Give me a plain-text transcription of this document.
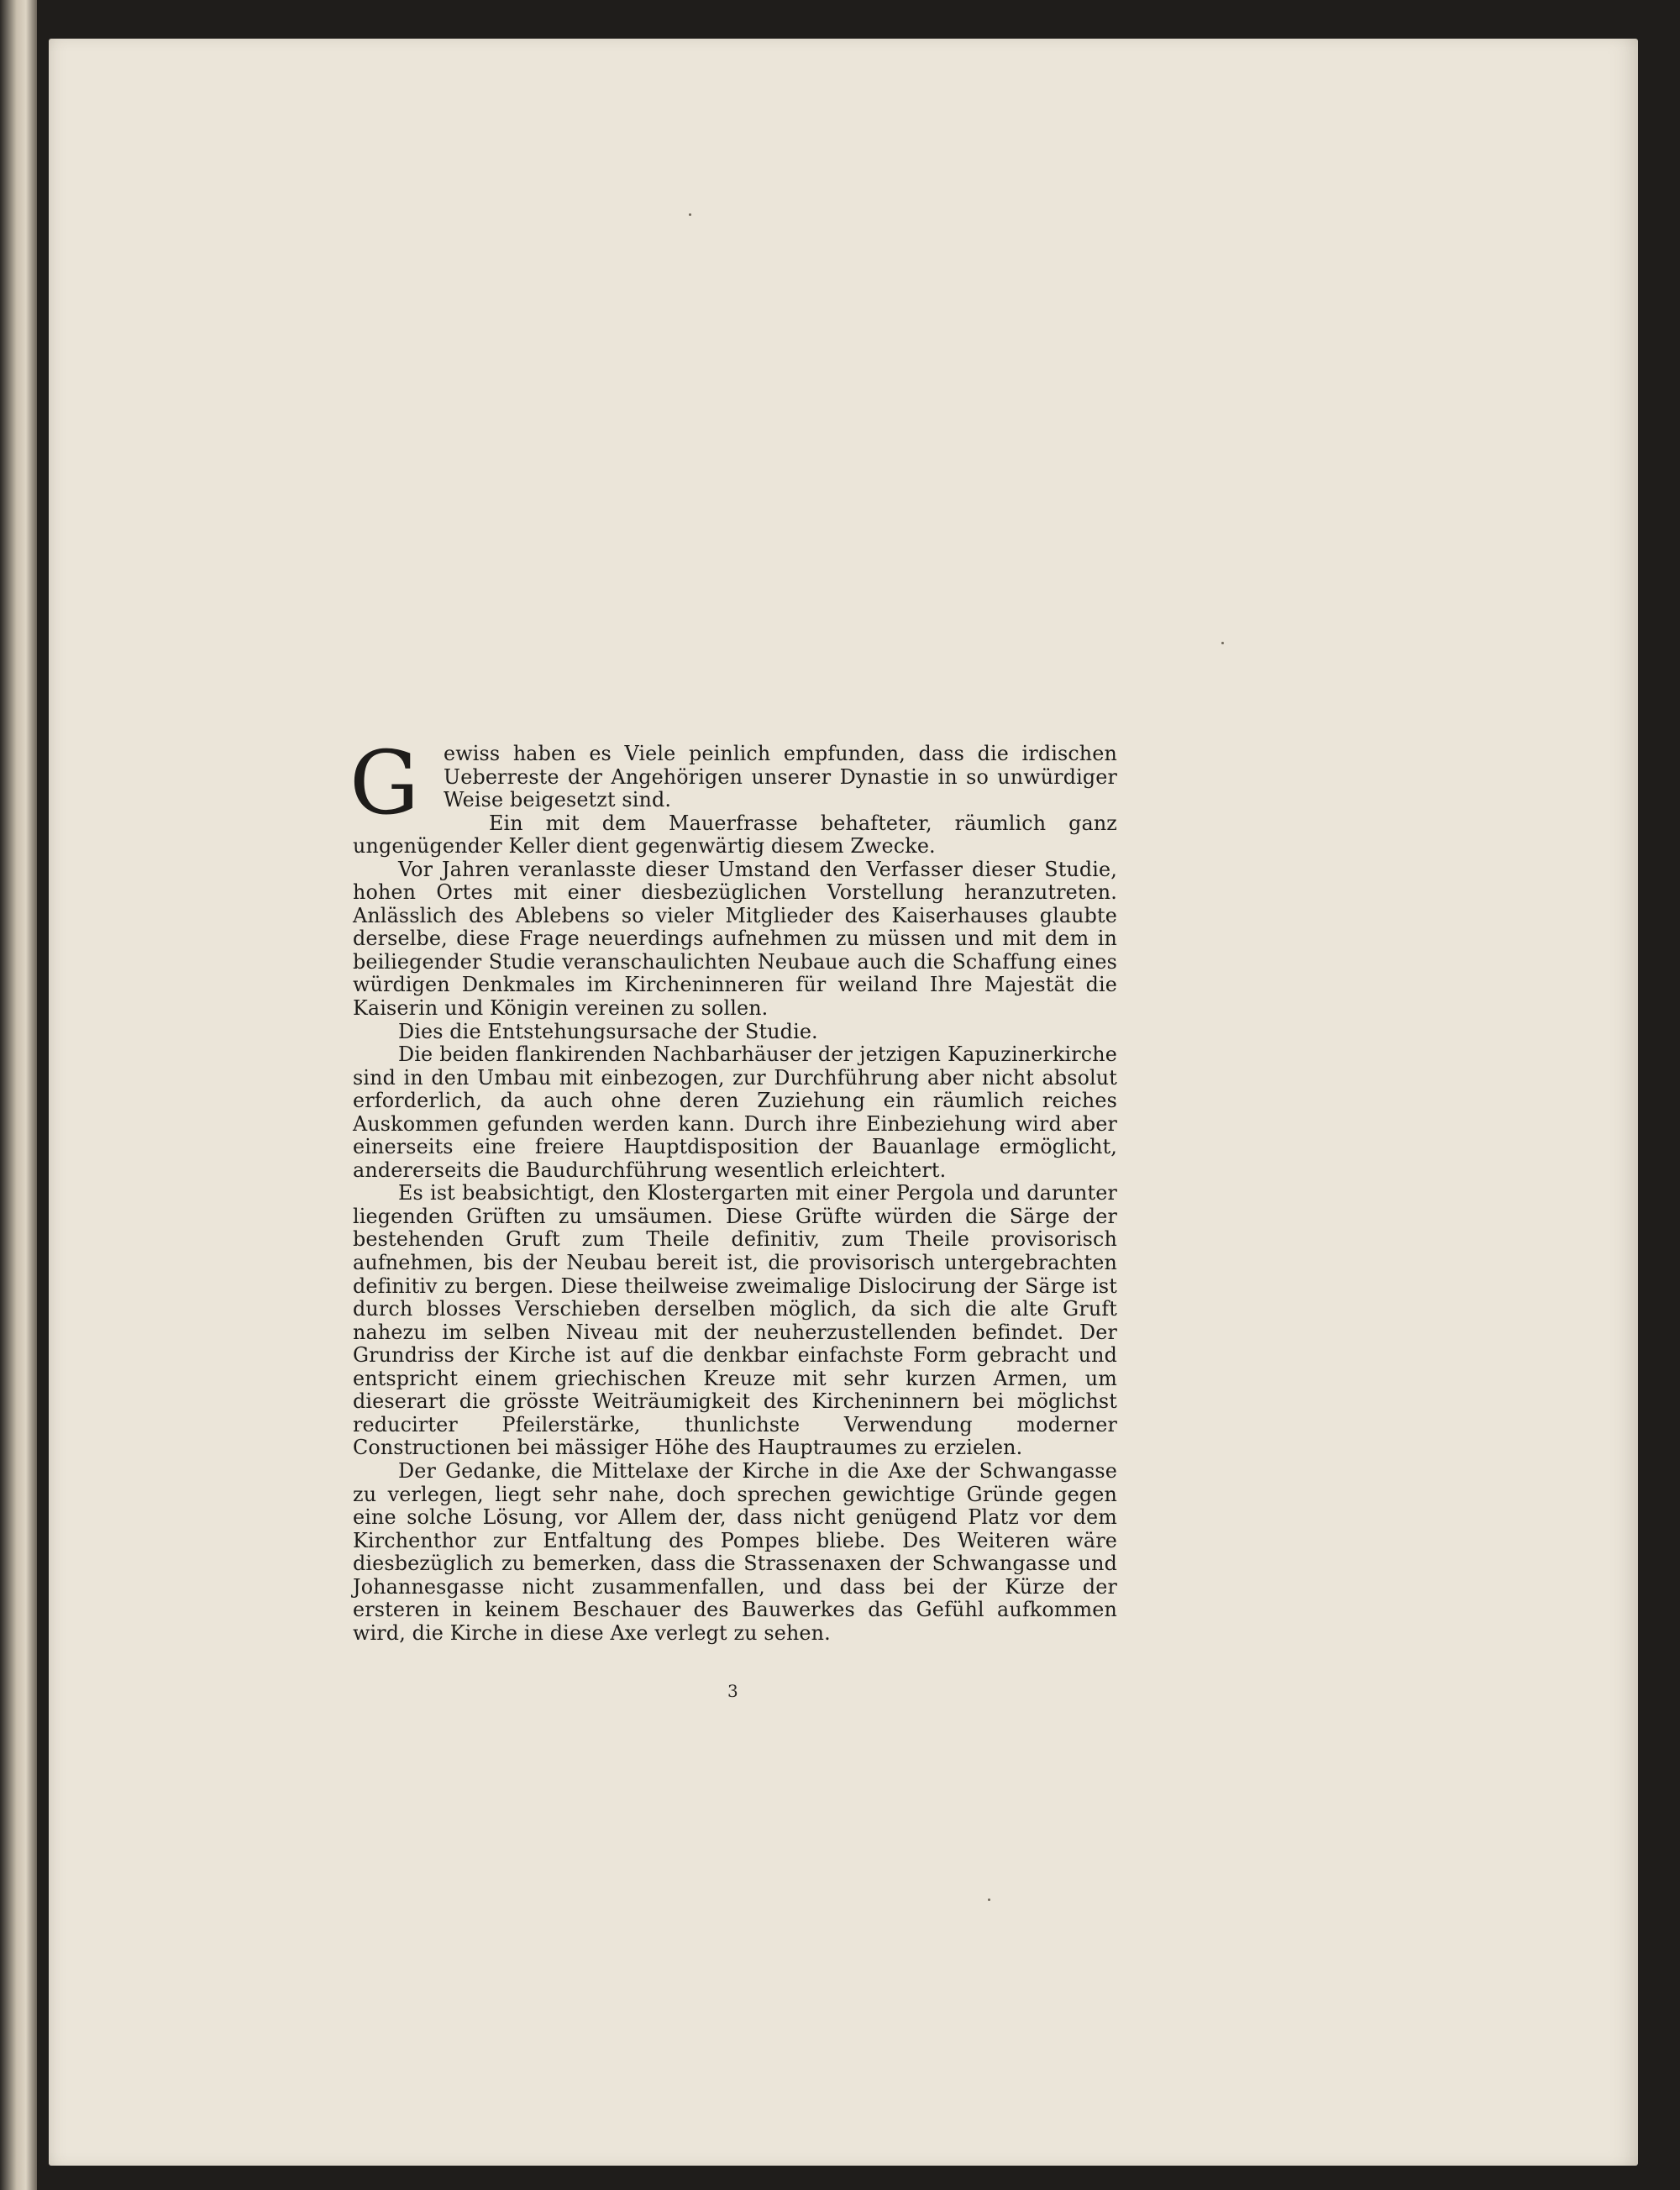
G	ewiss haben es Viele peinlich empfunden, dass die irdischen Ueberreste der Angehörigen unserer Dynastie in so unwürdiger Weise beigesetzt sind.

Ein mit dem Mauerfrasse behafteter, räumlich ganz ungenügender Keller dient gegenwärtig diesem Zwecke.

Vor Jahren veranlasste dieser Umstand den Verfasser dieser Studie, hohen Ortes mit einer diesbezüglichen Vorstellung heranzutreten. Anlässlich des Ablebens so vieler Mitglieder des Kaiserhauses glaubte derselbe, diese Frage neuerdings aufnehmen zu müssen und mit dem in beiliegender Studie veranschaulichten Neubaue auch die Schaffung eines würdigen Denkmales im Kircheninneren für weiland Ihre Majestät die Kaiserin und Königin vereinen zu sollen.

Dies die Entstehungsursache der Studie.

Die beiden flankirenden Nachbarhäuser der jetzigen Kapuzinerkirche sind in den Umbau mit einbezogen, zur Durchführung aber nicht absolut erforderlich, da auch ohne deren Zuziehung ein räumlich reiches Auskommen gefunden werden kann. Durch ihre Einbeziehung wird aber einerseits eine freiere Hauptdisposition der Bauanlage ermöglicht, andererseits die Baudurchführung wesentlich erleichtert.

Es ist beabsichtigt, den Klostergarten mit einer Pergola und darunter liegenden Grüften zu umsäumen. Diese Grüfte würden die Särge der bestehenden Gruft zum Theile definitiv, zum Theile provisorisch aufnehmen, bis der Neubau bereit ist, die provisorisch untergebrachten definitiv zu bergen. Diese theilweise zweimalige Dislocirung der Särge ist durch blosses Verschieben derselben möglich, da sich die alte Gruft nahezu im selben Niveau mit der neuherzustellenden befindet. Der Grundriss der Kirche ist auf die denkbar einfachste Form gebracht und entspricht einem griechischen Kreuze mit sehr kurzen Armen, um dieserart die grösste Weiträumigkeit des Kircheninnern bei möglichst reducirter Pfeilerstärke, thunlichste Verwendung moderner Constructionen bei mässiger Höhe des Hauptraumes zu erzielen.

Der Gedanke, die Mittelaxe der Kirche in die Axe der Schwangasse zu verlegen, liegt sehr nahe, doch sprechen gewichtige Gründe gegen eine solche Lösung, vor Allem der, dass nicht genügend Platz vor dem Kirchenthor zur Entfaltung des Pompes bliebe. Des Weiteren wäre diesbezüglich zu bemerken, dass die Strassenaxen der Schwangasse und Johannesgasse nicht zusammenfallen, und dass bei der Kürze der ersteren in keinem Beschauer des Bauwerkes das Gefühl aufkommen wird, die Kirche in diese Axe verlegt zu sehen.

3
